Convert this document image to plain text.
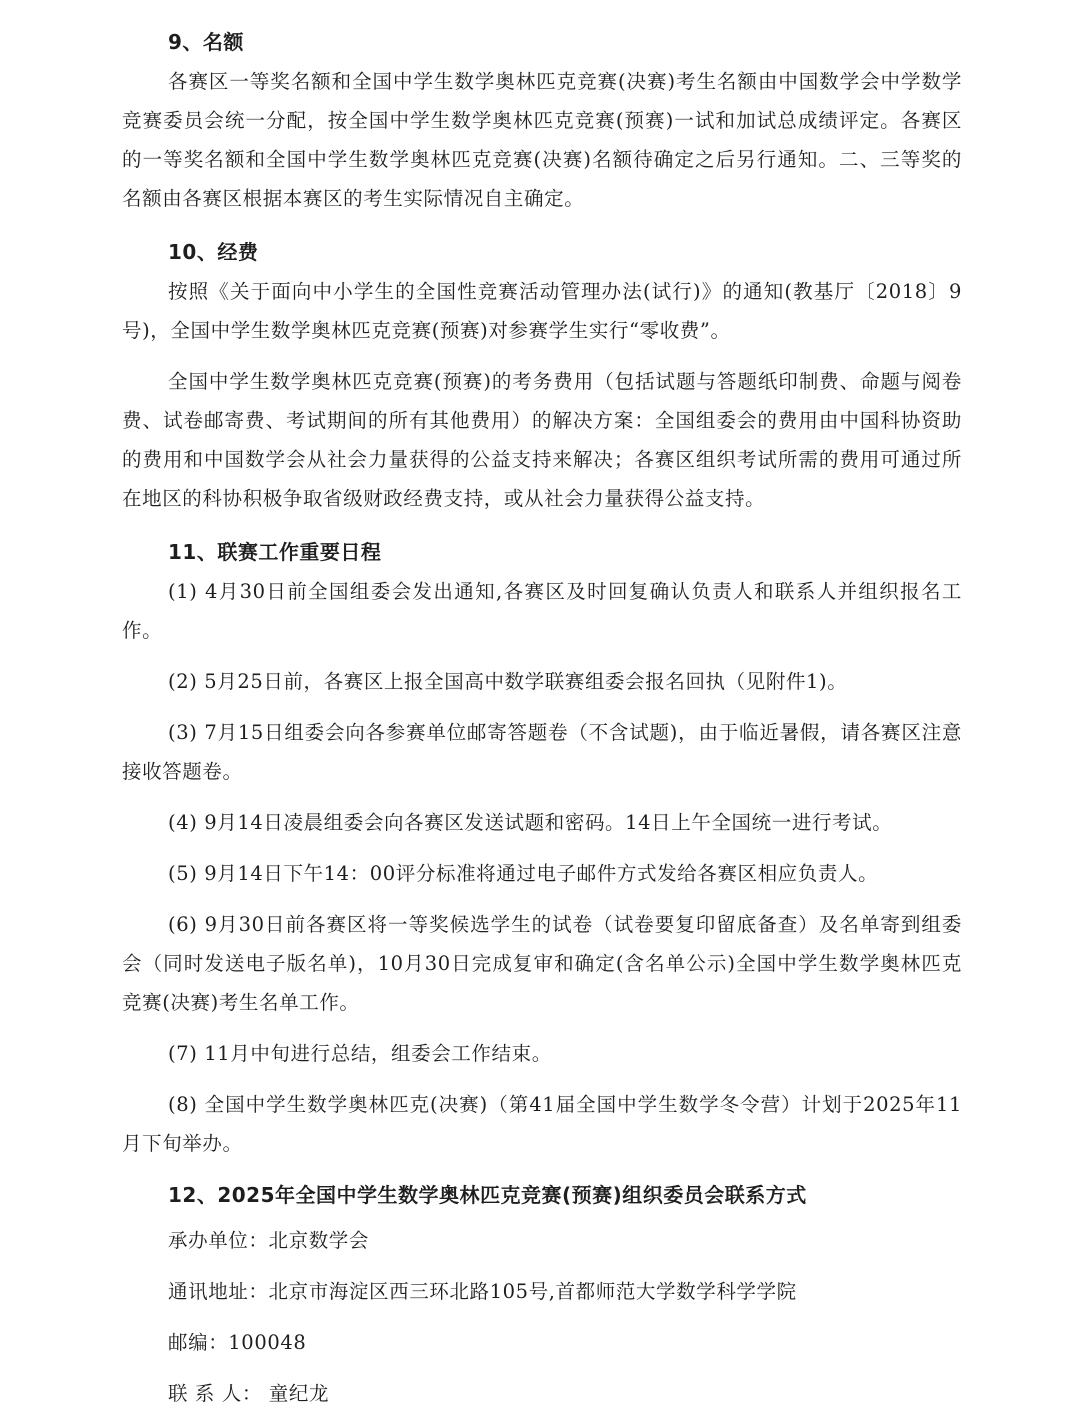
9、名额

各赛区一等奖名额和全国中学生数学奥林匹克竞赛(决赛)考生名额由中国数学会中学数学竞赛委员会统一分配，按全国中学生数学奥林匹克竞赛(预赛)一试和加试总成绩评定。各赛区的一等奖名额和全国中学生数学奥林匹克竞赛(决赛)名额待确定之后另行通知。二、三等奖的名额由各赛区根据本赛区的考生实际情况自主确定。

10、经费

按照《关于面向中小学生的全国性竞赛活动管理办法(试行)》的通知(教基厅〔2018〕9号)，全国中学生数学奥林匹克竞赛(预赛)对参赛学生实行“零收费”。

全国中学生数学奥林匹克竞赛(预赛)的考务费用（包括试题与答题纸印制费、命题与阅卷费、试卷邮寄费、考试期间的所有其他费用）的解决方案：全国组委会的费用由中国科协资助的费用和中国数学会从社会力量获得的公益支持来解决；各赛区组织考试所需的费用可通过所在地区的科协积极争取省级财政经费支持，或从社会力量获得公益支持。

11、联赛工作重要日程

(1) 4月30日前全国组委会发出通知,各赛区及时回复确认负责人和联系人并组织报名工作。

(2) 5月25日前，各赛区上报全国高中数学联赛组委会报名回执（见附件1)。

(3) 7月15日组委会向各参赛单位邮寄答题卷（不含试题)，由于临近暑假，请各赛区注意接收答题卷。

(4) 9月14日凌晨组委会向各赛区发送试题和密码。14日上午全国统一进行考试。

(5) 9月14日下午14：00评分标准将通过电子邮件方式发给各赛区相应负责人。

(6) 9月30日前各赛区将一等奖候选学生的试卷（试卷要复印留底备查）及名单寄到组委会（同时发送电子版名单)，10月30日完成复审和确定(含名单公示)全国中学生数学奥林匹克竞赛(决赛)考生名单工作。

(7) 11月中旬进行总结，组委会工作结束。

(8) 全国中学生数学奥林匹克(决赛)（第41届全国中学生数学冬令营）计划于2025年11月下旬举办。

12、2025年全国中学生数学奥林匹克竞赛(预赛)组织委员会联系方式

承办单位：北京数学会

通讯地址：北京市海淀区西三环北路105号,首都师范大学数学科学学院

邮编：100048

联 系 人： 童纪龙
